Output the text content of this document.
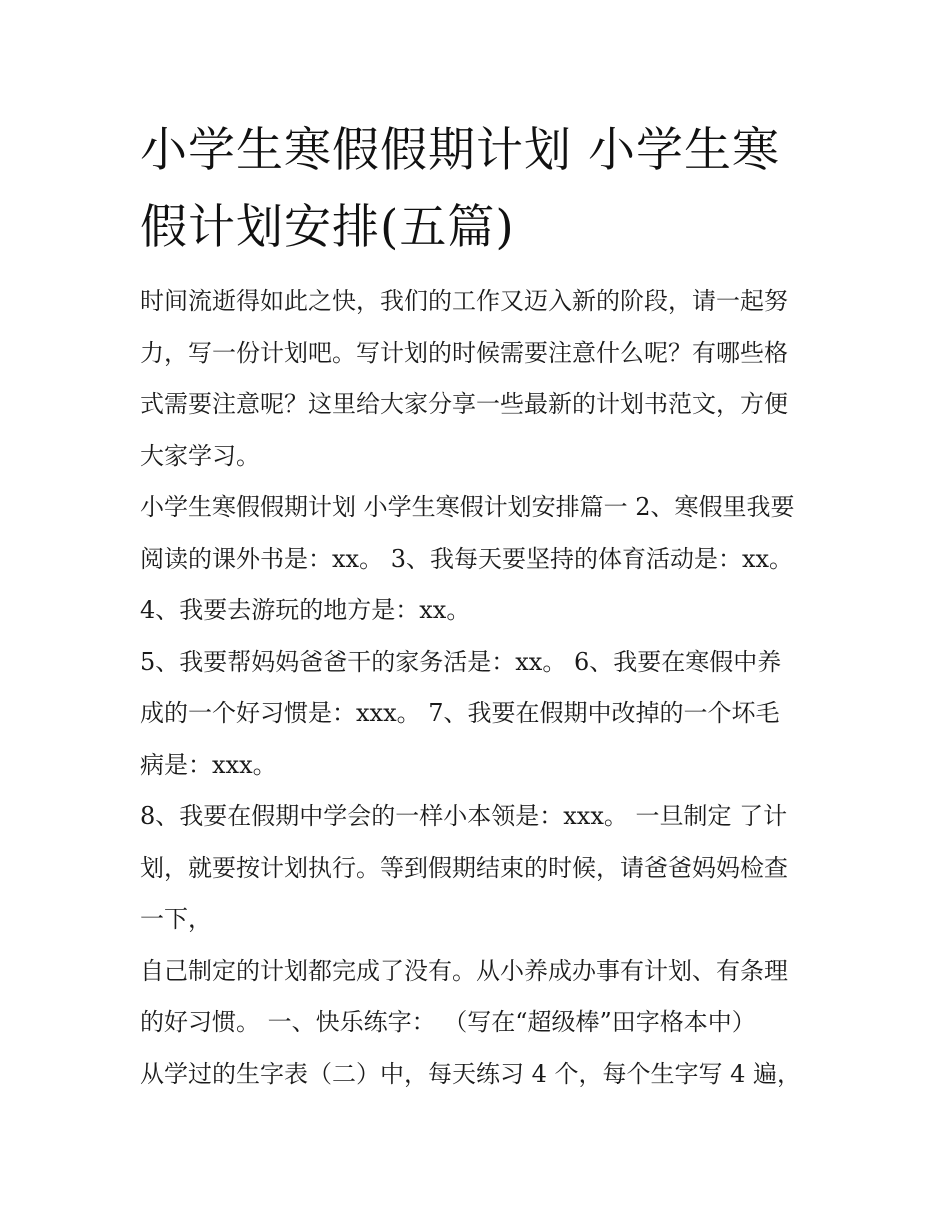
小学生寒假假期计划 小学生寒
假计划安排(五篇)

时间流逝得如此之快，我们的工作又迈入新的阶段，请一起努
力，写一份计划吧。写计划的时候需要注意什么呢？有哪些格
式需要注意呢？这里给大家分享一些最新的计划书范文，方便
大家学习。

小学生寒假假期计划 小学生寒假计划安排篇一 2、寒假里我要
阅读的课外书是：xx。 3、我每天要坚持的体育活动是：xx。

4、我要去游玩的地方是：xx。

5、我要帮妈妈爸爸干的家务活是：xx。 6、我要在寒假中养
成的一个好习惯是：xxx。 7、我要在假期中改掉的一个坏毛
病是：xxx。

8、我要在假期中学会的一样小本领是：xxx。 一旦制定 了计
划，就要按计划执行。等到假期结束的时候，请爸爸妈妈检查
一下，

自己制定的计划都完成了没有。从小养成办事有计划、有条理
的好习惯。 一、快乐练字： （写在“超级棒”田字格本中）

从学过的生字表（二）中，每天练习 4 个，每个生字写 4 遍，
